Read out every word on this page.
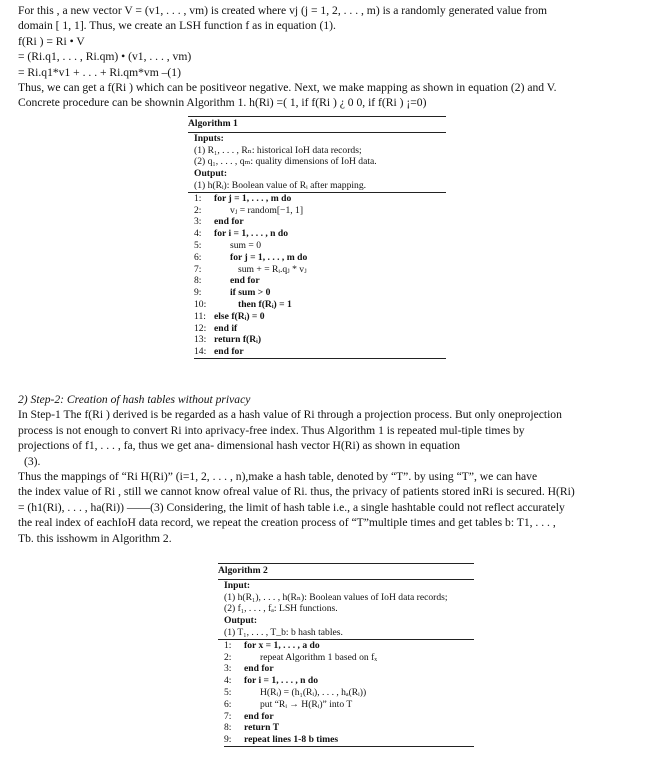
For this , a new vector V = (v1, . . . , vm) is created where vj (j = 1, 2, . . . , m) is a randomly generated value from

domain [ 1, 1]. Thus, we create an LSH function f as in equation (1).

f(Ri ) = Ri • V

= (Ri.q1, . . . , Ri.qm) • (v1, . . . , vm)

= Ri.q1*v1 + . . . + Ri.qm*vm –(1)

Thus, we can get a f(Ri ) which can be positiveor negative. Next, we make mapping as shown in equation (2) and V.

Concrete procedure can be shownin Algorithm 1. h(Ri) =( 1, if f(Ri ) ¿ 0 0, if f(Ri ) ¡=0)

Algorithm 1
Inputs:
(1) R₁, . . . , Rₙ: historical IoH data records;
(2) q₁, . . . , qₘ: quality dimensions of IoH data.
Output:
(1) h(Rᵢ): Boolean value of Rᵢ after mapping.
1: for j = 1, . . . , m do
2:	vⱼ = random[−1, 1]
3: end for
4: for i = 1, . . . , n do
5:	sum = 0
6:	for j = 1, . . . , m do
7:	sum + = Rᵢ.qⱼ * vⱼ
8:	end for
9:	if sum > 0
10:	then f(Rᵢ) = 1
11: else f(Rᵢ) = 0
12: end if
13: return f(Rᵢ)
14: end for

2) Step-2: Creation of hash tables without privacy

In Step-1 The f(Ri ) derived is be regarded as a hash value of Ri through a projection process. But only oneprojection

process is not enough to convert Ri into aprivacy-free index. Thus Algorithm 1 is repeated mul-tiple times by

projections of f1, . . . , fa, thus we get ana- dimensional hash vector H(Ri) as shown in equation

(3).

Thus the mappings of “Ri H(Ri)” (i=1, 2, . . . , n),make a hash table, denoted by “T”. by using “T”, we can have

the index value of Ri , still we cannot know ofreal value of Ri. thus, the privacy of patients stored inRi is secured. H(Ri)

= (h1(Ri), . . . , ha(Ri)) ——(3) Considering, the limit of hash table i.e., a single hashtable could not reflect accurately

the real index of eachIoH data record, we repeat the creation process of “T”multiple times and get tables b: T1, . . . ,

Tb. this isshowm in Algorithm 2.

Algorithm 2
Input:
(1) h(R₁), . . . , h(Rₙ): Boolean values of IoH data records;
(2) f₁, . . . , fₐ: LSH functions.
Output:
(1) T₁, . . . , T_b: b hash tables.
1: for x = 1, . . . , a do
2:	repeat Algorithm 1 based on fₓ
3: end for
4: for i = 1, . . . , n do
5:	H(Rᵢ) = (h₁(Rᵢ), . . . , hₐ(Rᵢ))
6:	put “Rᵢ → H(Rᵢ)” into T
7: end for
8: return T
9: repeat lines 1-8 b times
